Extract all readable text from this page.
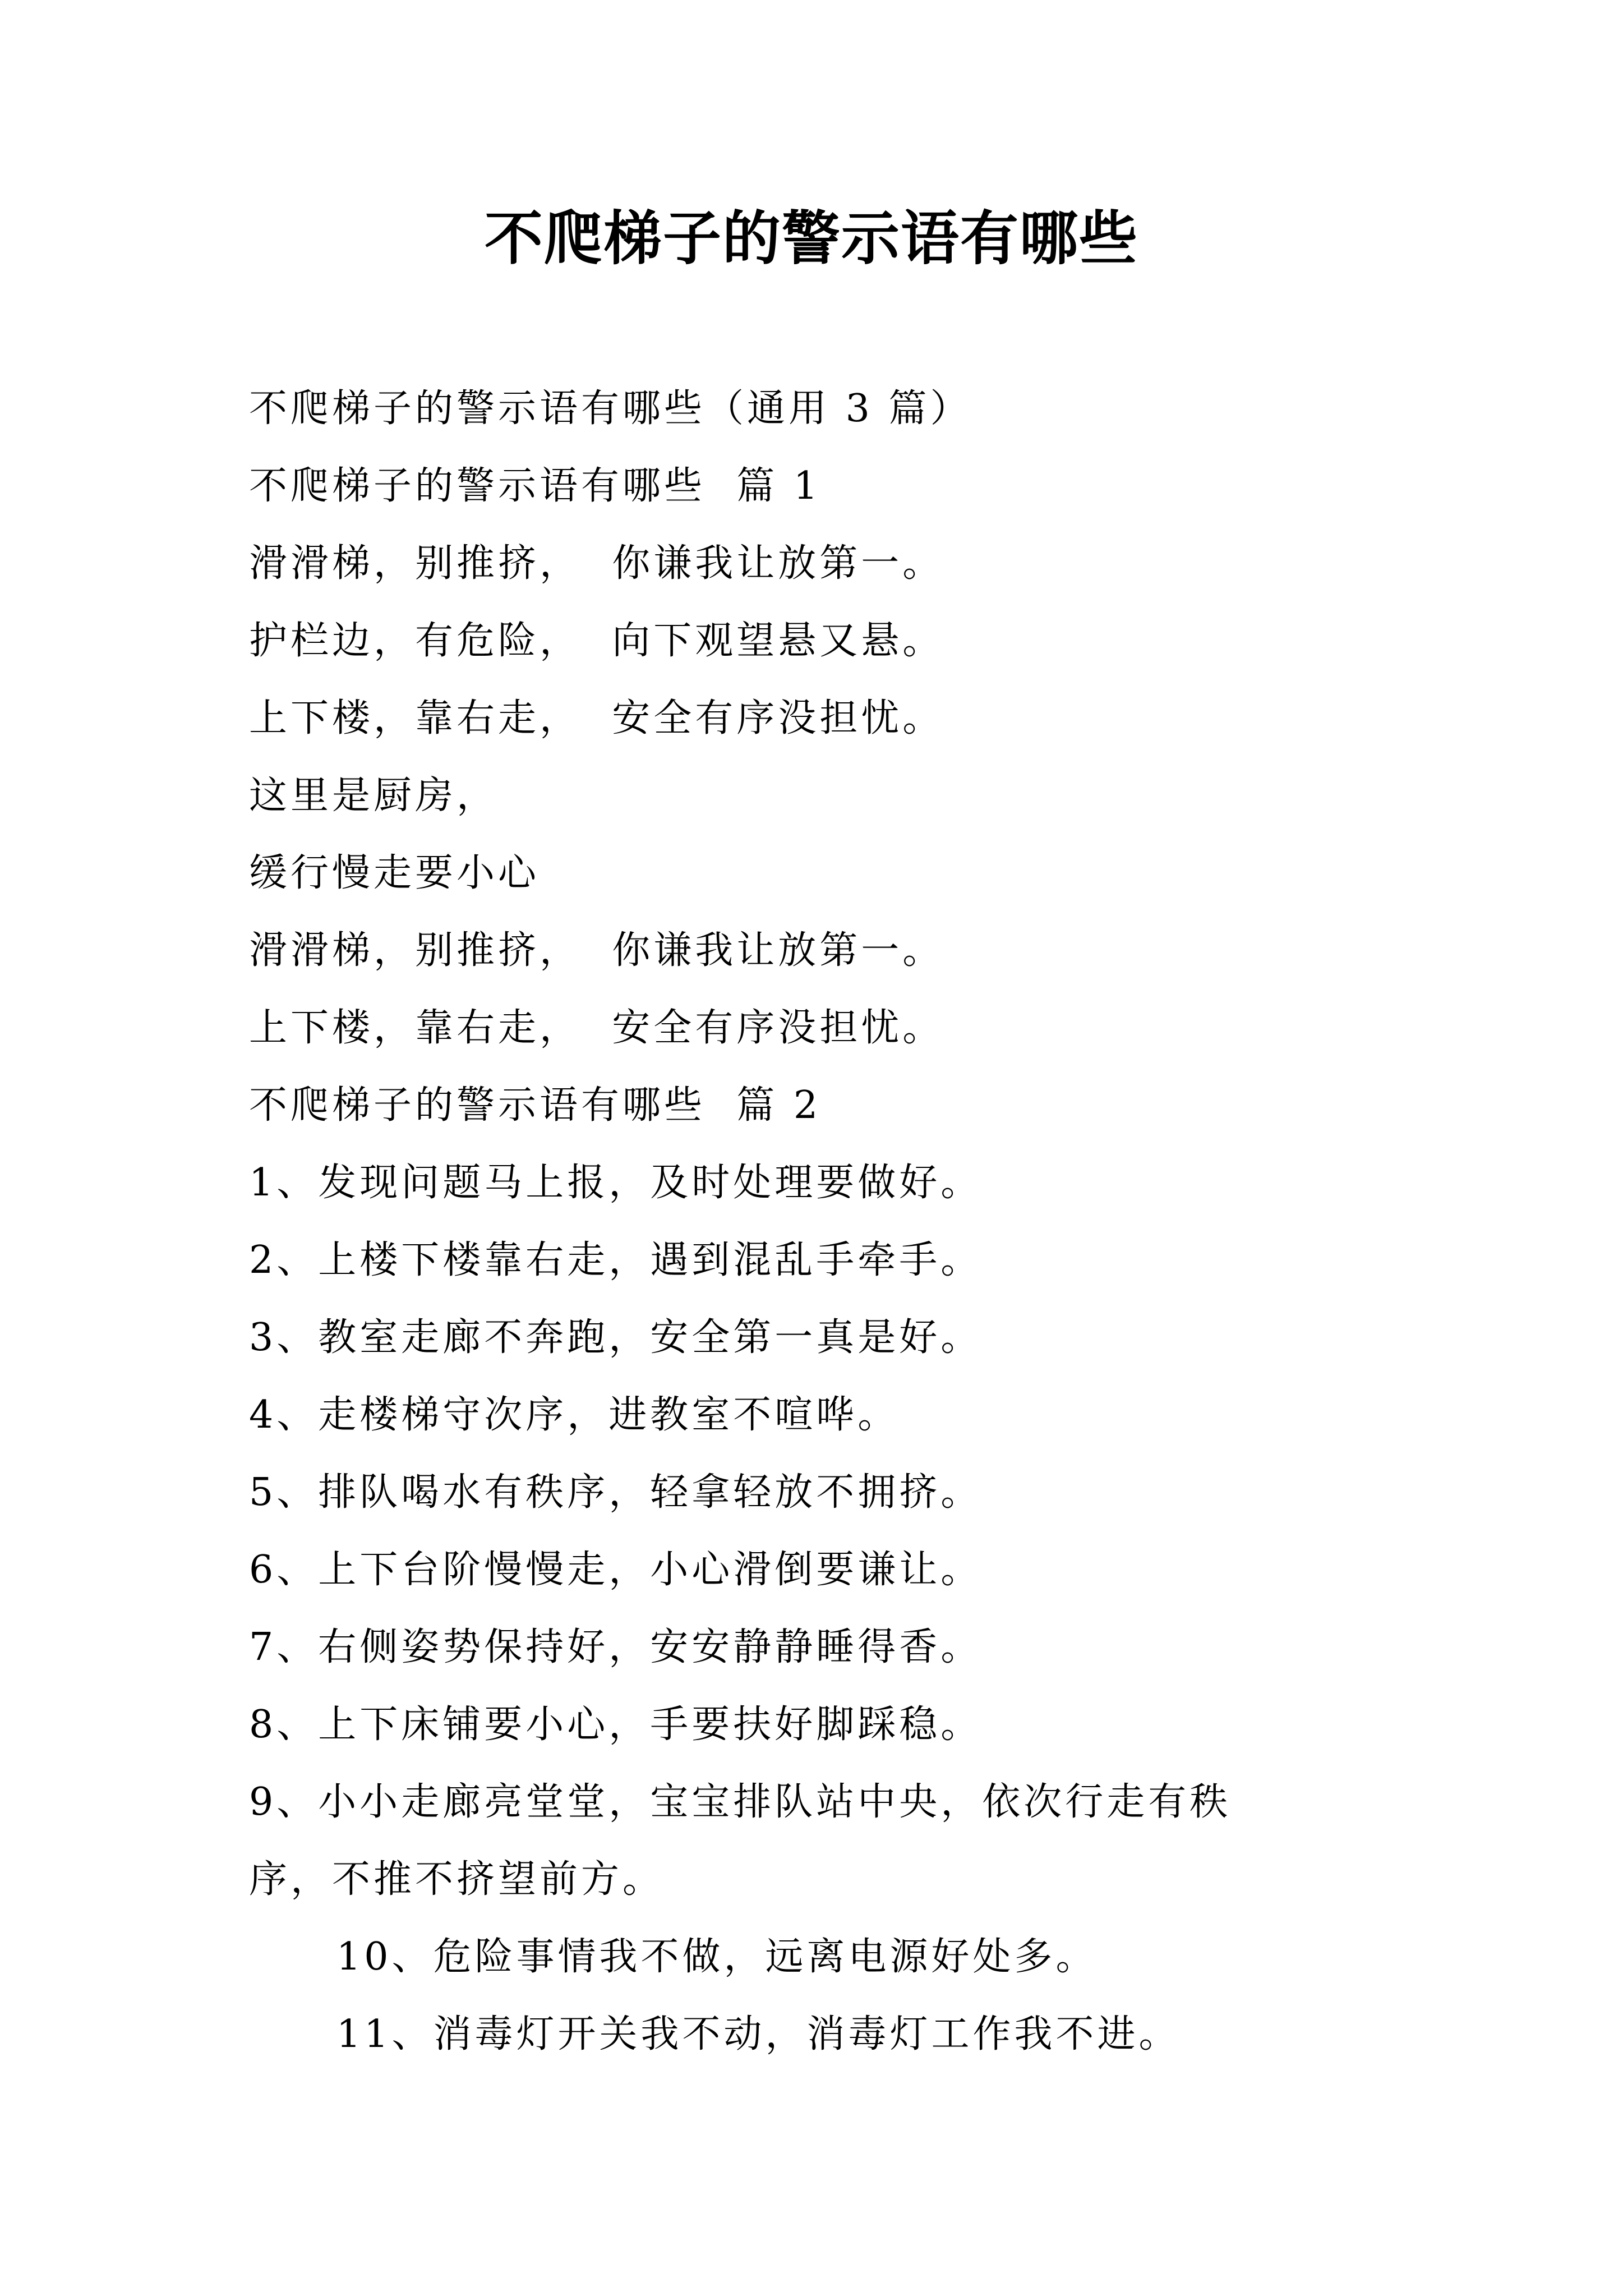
不爬梯子的警示语有哪些

不爬梯子的警示语有哪些（通用 3 篇）

不爬梯子的警示语有哪些  篇 1

滑滑梯，别推挤，  你谦我让放第一。

护栏边，有危险，  向下观望悬又悬。

上下楼，靠右走，  安全有序没担忧。

这里是厨房，

缓行慢走要小心

滑滑梯，别推挤，  你谦我让放第一。

上下楼，靠右走，  安全有序没担忧。

不爬梯子的警示语有哪些  篇 2

1、发现问题马上报，及时处理要做好。

2、上楼下楼靠右走，遇到混乱手牵手。

3、教室走廊不奔跑，安全第一真是好。

4、走楼梯守次序，进教室不喧哗。

5、排队喝水有秩序，轻拿轻放不拥挤。

6、上下台阶慢慢走，小心滑倒要谦让。

7、右侧姿势保持好，安安静静睡得香。

8、上下床铺要小心，手要扶好脚踩稳。

9、小小走廊亮堂堂，宝宝排队站中央，依次行走有秩

序，不推不挤望前方。

10、危险事情我不做，远离电源好处多。

11、消毒灯开关我不动，消毒灯工作我不进。
